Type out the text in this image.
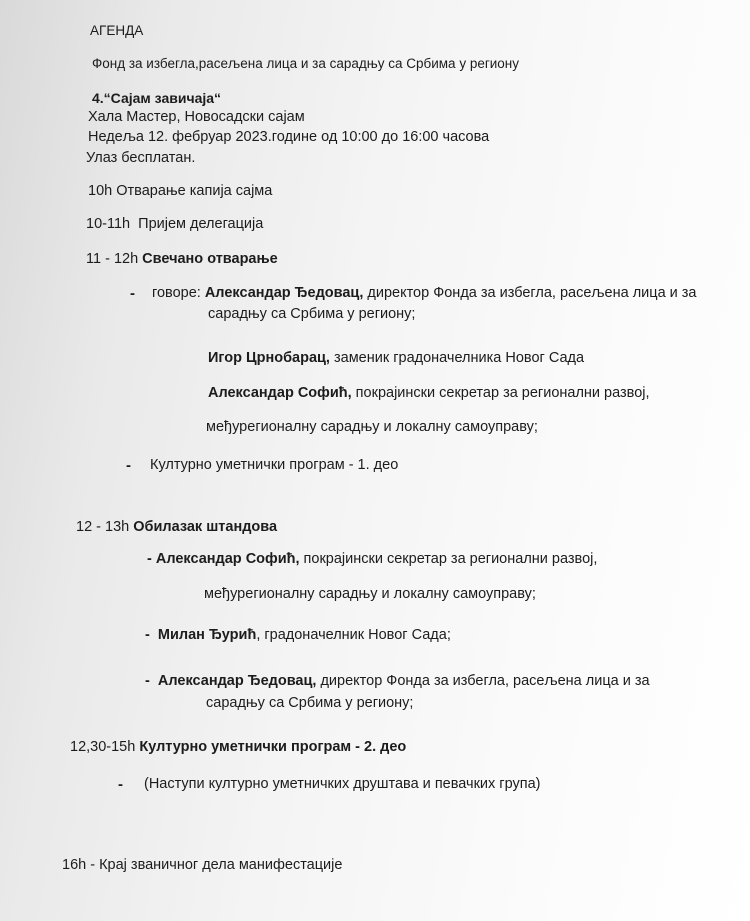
АГЕНДА
Фонд за избегла,расељена лица и за сарадњу са Србима у региону
4.“Сајам завичаја“
Хала Мастер, Новосадски сајам
Недеља 12. фебруар 2023.године од 10:00 до 16:00 часова
Улаз бесплатан.
10h Отварање капија сајма
10-11h Пријем делегација
11 - 12h Свечано отварање
- говоре: Александар Ђедовац, директор Фонда за избегла, расељена лица и за
сарадњу са Србима у региону;
Игор Црнобарац, заменик градоначелника Новог Сада
Александар Софић, покрајински секретар за регионални развој,
међурегионалну сарадњу и локалну самоуправу;
- Културно уметнички програм - 1. део
12 - 13h Обилазак штандова
- Александар Софић, покрајински секретар за регионални развој,
међурегионалну сарадњу и локалну самоуправу;
- Милан Ђурић, градоначелник Новог Сада;
- Александар Ђедовац, директор Фонда за избегла, расељена лица и за
сарадњу са Србима у региону;
12,30-15h Културно уметнички програм - 2. део
- (Наступи културно уметничких друштава и певачких група)
16h - Крај званичног дела манифестације
